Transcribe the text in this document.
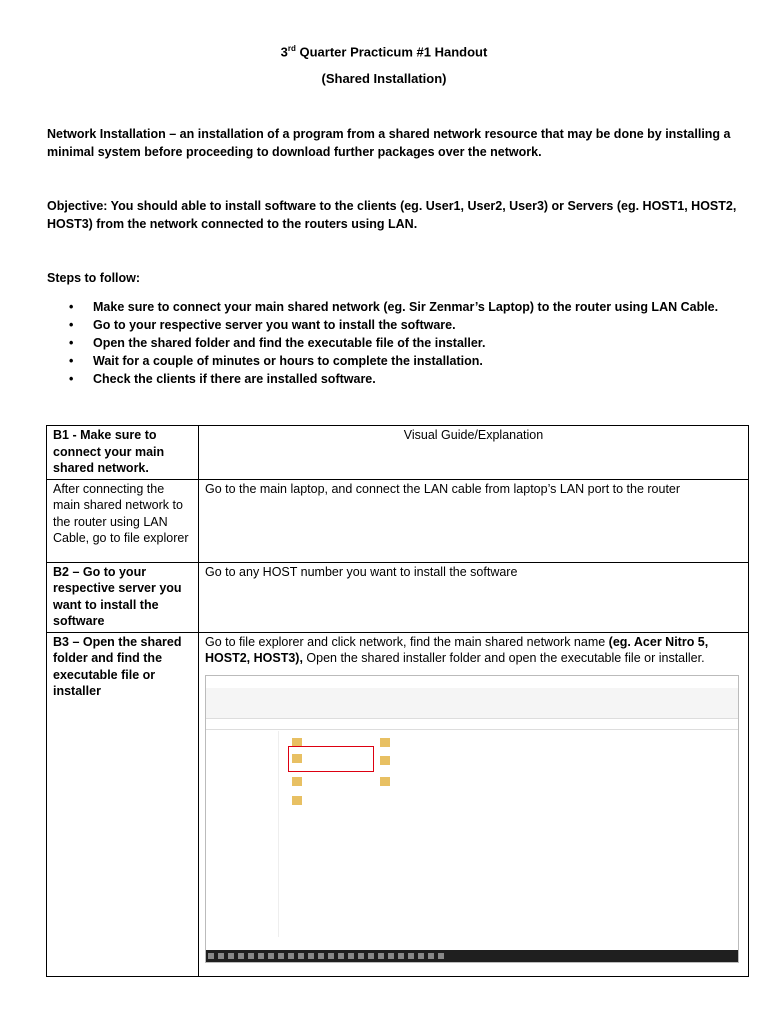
3rd Quarter Practicum #1 Handout
(Shared Installation)
Network Installation – an installation of a program from a shared network resource that may be done by installing a minimal system before proceeding to download further packages over the network.
Objective: You should able to install software to the clients (eg. User1, User2, User3) or Servers (eg. HOST1, HOST2, HOST3) from the network connected to the routers using LAN.
Steps to follow:
• Make sure to connect your main shared network (eg. Sir Zenmar’s Laptop) to the router using LAN Cable.
• Go to your respective server you want to install the software.
• Open the shared folder and find the executable file of the installer.
• Wait for a couple of minutes or hours to complete the installation.
• Check the clients if there are installed software.
B1 - Make sure to connect your main shared network.	Visual Guide/Explanation
After connecting the main shared network to the router using LAN Cable, go to file explorer	Go to the main laptop, and connect the LAN cable from laptop’s LAN port to the router
B2 – Go to your respective server you want to install the software	Go to any HOST number you want to install the software
B3 – Open the shared folder and find the executable file or installer	Go to file explorer and click network, find the main shared network name (eg. Acer Nitro 5, HOST2, HOST3), Open the shared installer folder and open the executable file or installer.
